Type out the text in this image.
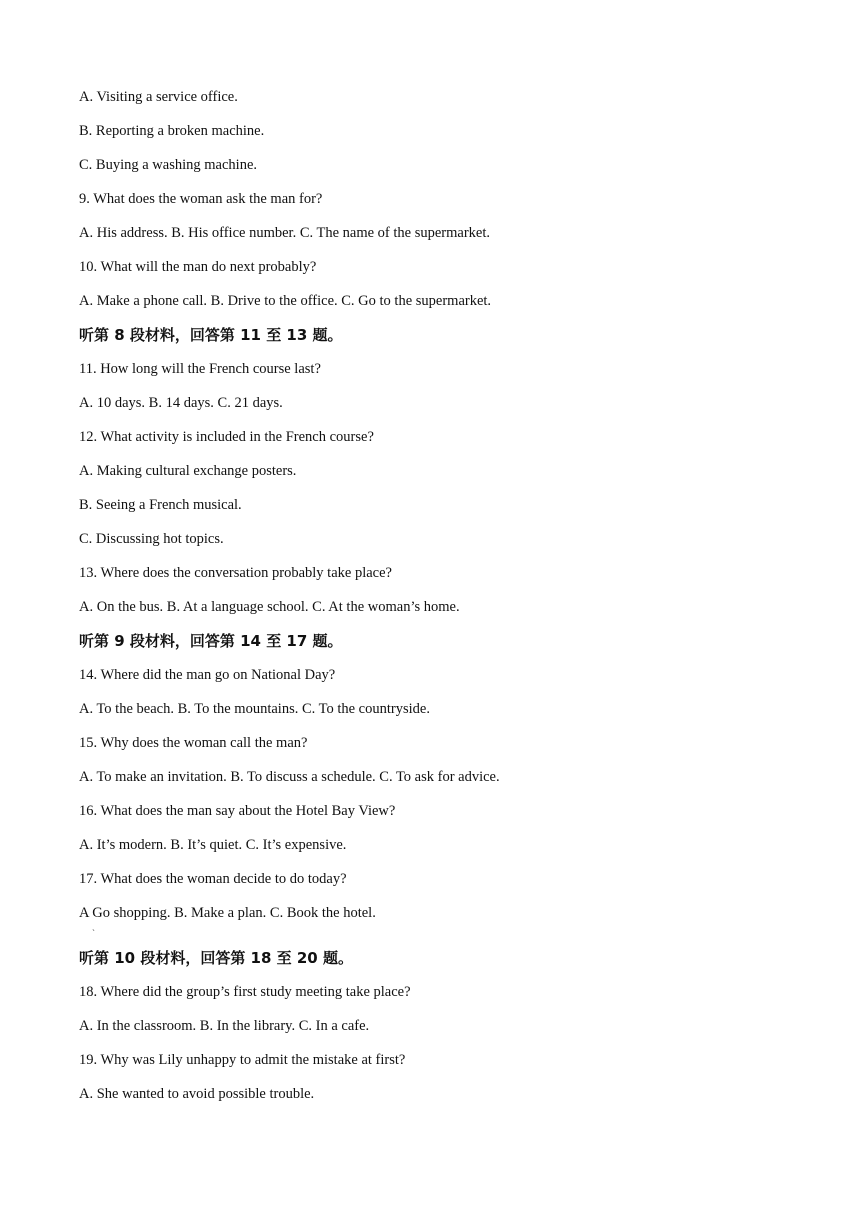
A. Visiting a service office.
B. Reporting a broken machine.
C. Buying a washing machine.
9. What does the woman ask the man for?
A. His address. B. His office number. C. The name of the supermarket.
10. What will the man do next probably?
A. Make a phone call. B. Drive to the office. C. Go to the supermarket.
听第 8 段材料，回答第 11 至 13 题。
11. How long will the French course last?
A. 10 days. B. 14 days. C. 21 days.
12. What activity is included in the French course?
A. Making cultural exchange posters.
B. Seeing a French musical.
C. Discussing hot topics.
13. Where does the conversation probably take place?
A. On the bus. B. At a language school. C. At the woman’s home.
听第 9 段材料，回答第 14 至 17 题。
14. Where did the man go on National Day?
A. To the beach. B. To the mountains. C. To the countryside.
15. Why does the woman call the man?
A. To make an invitation. B. To discuss a schedule. C. To ask for advice.
16. What does the man say about the Hotel Bay View?
A. It’s modern. B. It’s quiet. C. It’s expensive.
17. What does the woman decide to do today?
A Go shopping. B. Make a plan. C. Book the hotel.
听第 10 段材料，回答第 18 至 20 题。
18. Where did the group’s first study meeting take place?
A. In the classroom. B. In the library. C. In a cafe.
19. Why was Lily unhappy to admit the mistake at first?
A. She wanted to avoid possible trouble.
`
